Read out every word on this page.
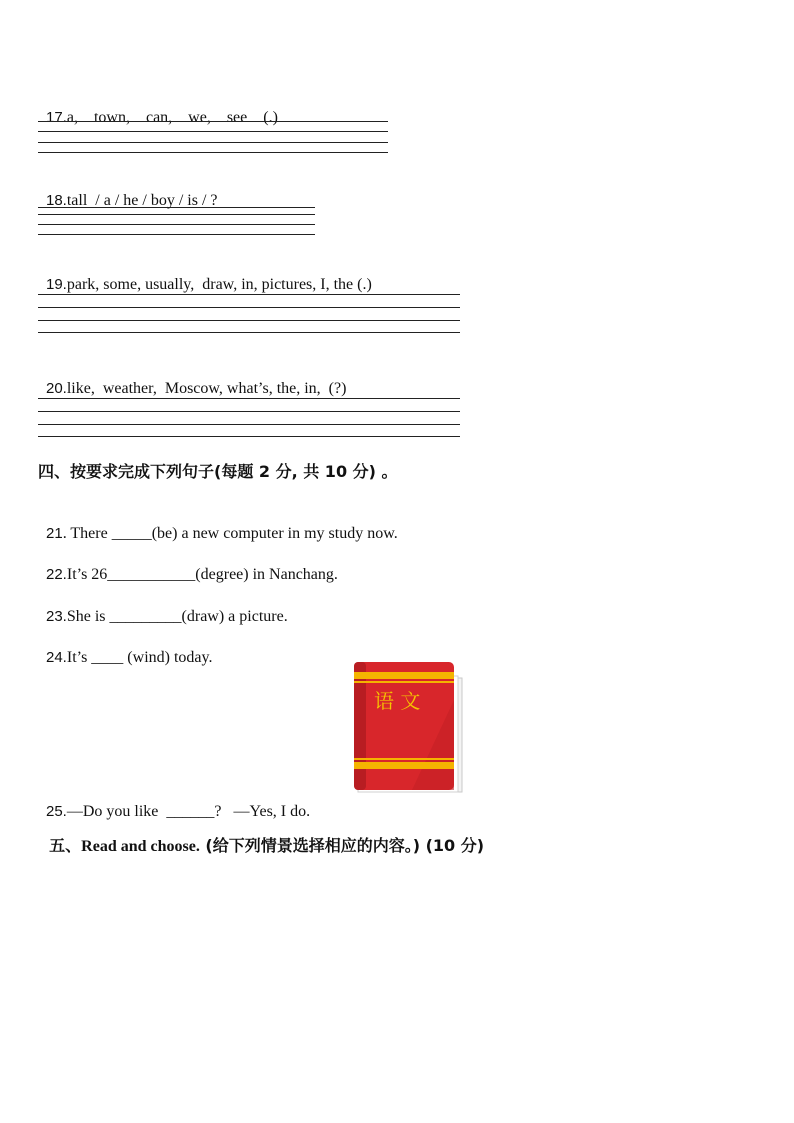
17.a,    town,    can,    we,    see    (.)

18.tall  / a / he / boy / is / ?

19.park, some, usually,  draw, in, pictures, I, the (.)

20.like,  weather,  Moscow, what’s, the, in,  (?)

四、按要求完成下列句子(每题 2 分, 共 10 分) 。

21. There _____(be) a new computer in my study now.

22.It’s 26___________(degree) in Nanchang.

23.She is _________(draw) a picture.

24.It’s ____ (wind) today.

语 文

25.—Do you like  ______?   —Yes, I do.

五、Read and choose. (给下列情景选择相应的内容。) (10 分)
